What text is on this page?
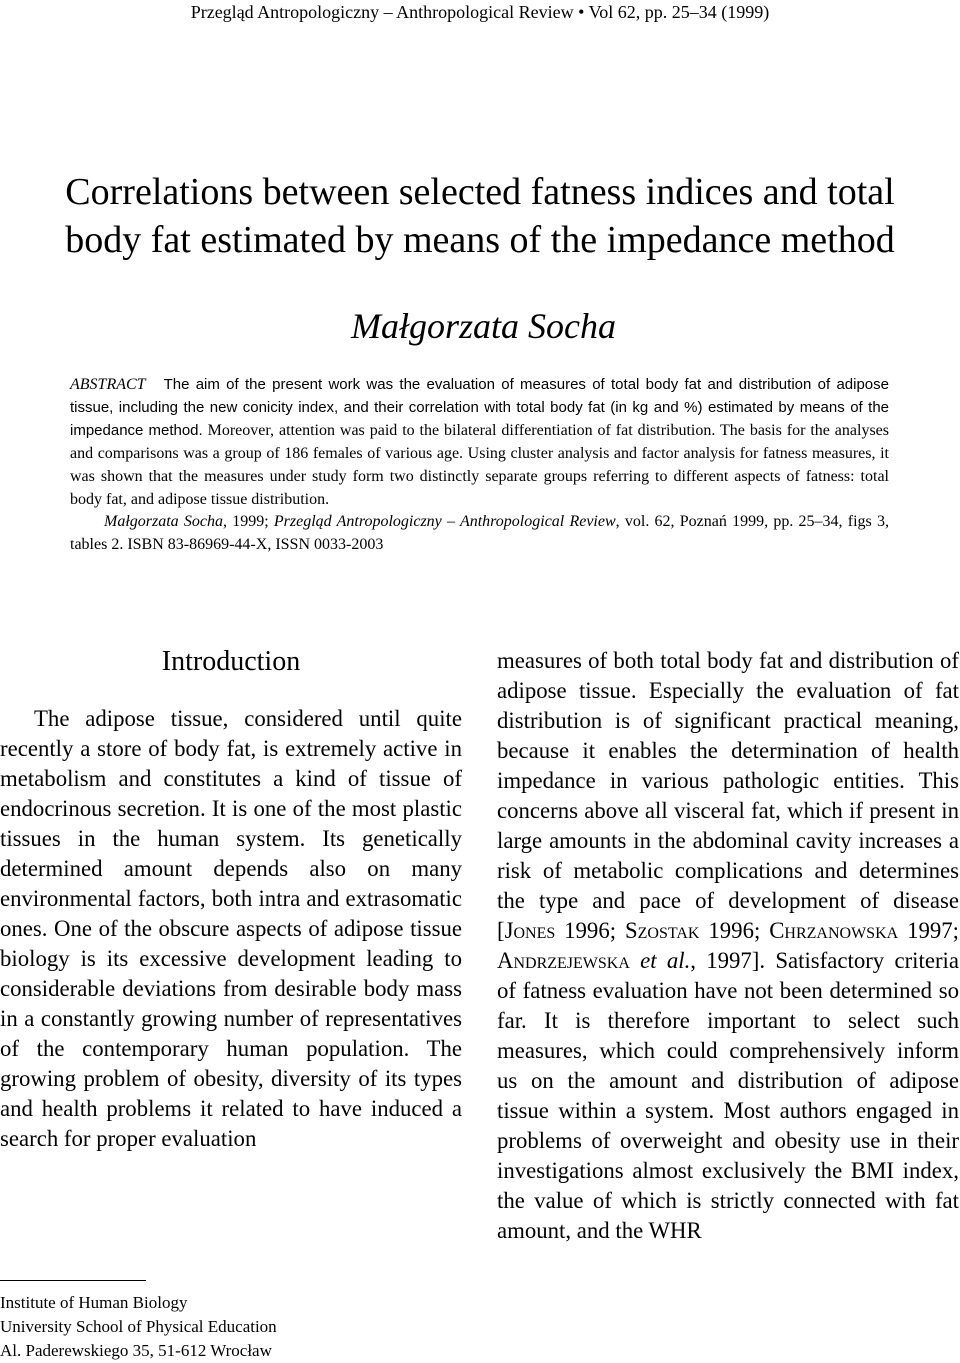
Przegląd Antropologiczny – Anthropological Review • Vol 62, pp. 25–34 (1999)
Correlations between selected fatness indices and total
body fat estimated by means of the impedance method
Małgorzata Socha
ABSTRACT The aim of the present work was the evaluation of measures of total body fat and distribution of adipose tissue, including the new conicity index, and their correlation with total body fat (in kg and %) estimated by means of the impedance method. Moreover, attention was paid to the bilateral differentiation of fat distribution. The basis for the analyses and comparisons was a group of 186 females of various age. Using cluster analysis and factor analysis for fatness measures, it was shown that the measures under study form two distinctly separate groups referring to different aspects of fatness: total body fat, and adipose tissue distribution.
Małgorzata Socha, 1999; Przegląd Antropologiczny – Anthropological Review, vol. 62, Poznań 1999, pp. 25–34, figs 3, tables 2. ISBN 83-86969-44-X, ISSN 0033-2003
Introduction

The adipose tissue, considered until quite recently a store of body fat, is extremely active in metabolism and constitutes a kind of tissue of endocrinous secretion. It is one of the most plastic tissues in the human system. Its genetically determined amount depends also on many environmental factors, both intra and extrasomatic ones. One of the obscure aspects of adipose tissue biology is its excessive development leading to considerable deviations from desirable body mass in a constantly growing number of representatives of the contemporary human population. The growing problem of obesity, diversity of its types and health problems it related to have induced a search for proper evaluation

measures of both total body fat and distribution of adipose tissue. Especially the evaluation of fat distribution is of significant practical meaning, because it enables the determination of health impedance in various pathologic entities. This concerns above all visceral fat, which if present in large amounts in the abdominal cavity increases a risk of metabolic complications and determines the type and pace of development of disease [Jones 1996; Szostak 1996; Chrzanowska 1997; Andrzejewska et al., 1997]. Satisfactory criteria of fatness evaluation have not been determined so far. It is therefore important to select such measures, which could comprehensively inform us on the amount and distribution of adipose tissue within a system. Most authors engaged in problems of overweight and obesity use in their investigations almost exclusively the BMI index, the value of which is strictly connected with fat amount, and the WHR

Institute of Human Biology
University School of Physical Education
Al. Paderewskiego 35, 51-612 Wrocław
